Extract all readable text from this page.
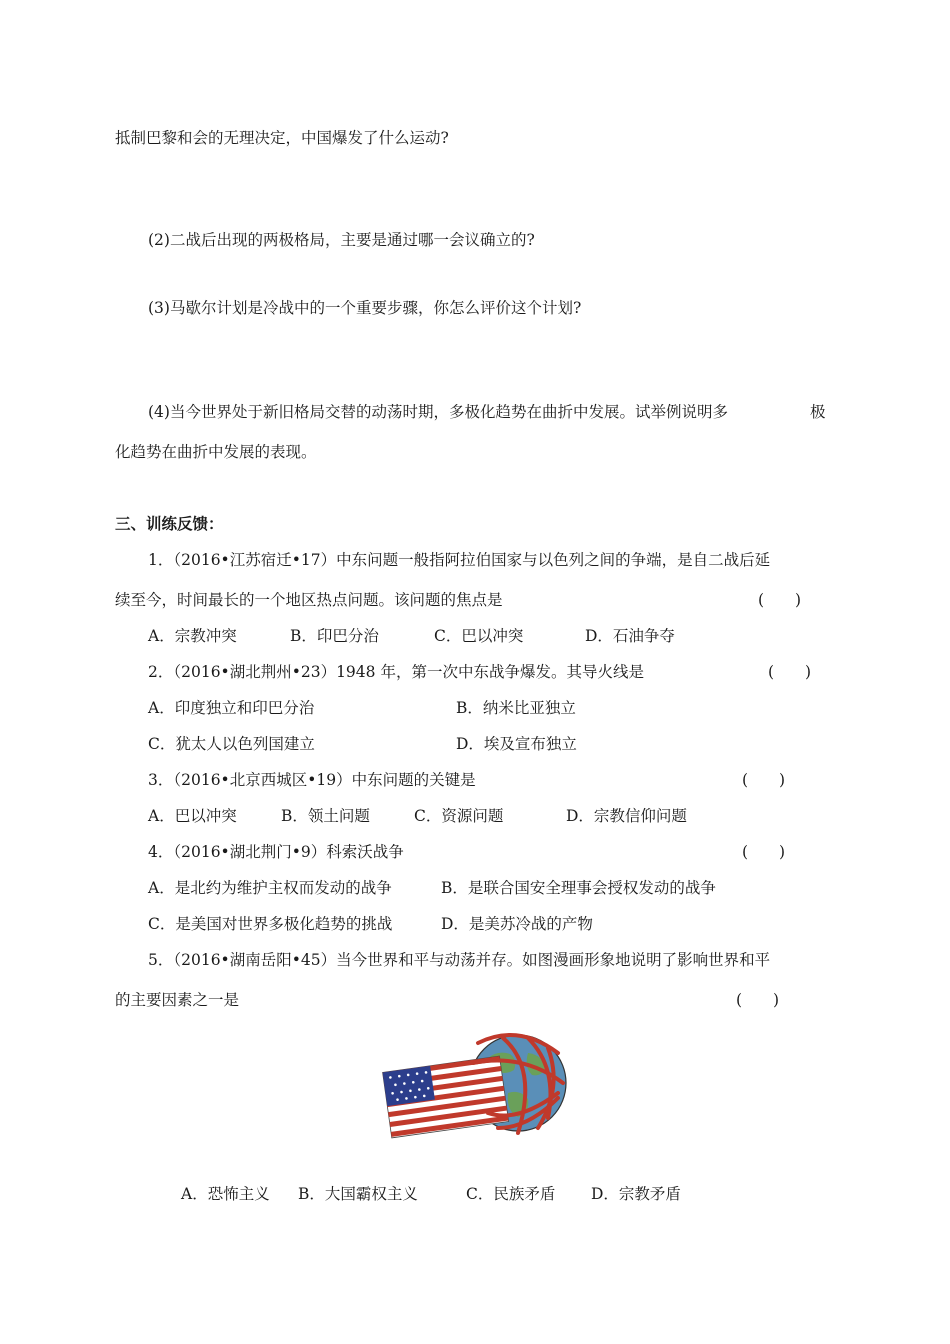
抵制巴黎和会的无理决定，中国爆发了什么运动?
(2)二战后出现的两极格局，主要是通过哪一会议确立的?
(3)马歇尔计划是冷战中的一个重要步骤，你怎么评价这个计划?
(4)当今世界处于新旧格局交替的动荡时期，多极化趋势在曲折中发展。试举例说明多	极
化趋势在曲折中发展的表现。
三、训练反馈：
1．（2016•江苏宿迁•17）中东问题一般指阿拉伯国家与以色列之间的争端，是自二战后延
续至今，时间最长的一个地区热点问题。该问题的焦点是	(　　)
A．宗教冲突	B．印巴分治	C．巴以冲突	D．石油争夺
2．（2016•湖北荆州•23）1948 年，第一次中东战争爆发。其导火线是	(　　)
A．印度独立和印巴分治	B．纳米比亚独立
C．犹太人以色列国建立	D．埃及宣布独立
3．（2016•北京西城区•19）中东问题的关键是	(　　)
A．巴以冲突	B．领土问题	C．资源问题	D．宗教信仰问题
4．（2016•湖北荆门•9）科索沃战争	(　　)
A．是北约为维护主权而发动的战争	B．是联合国安全理事会授权发动的战争
C．是美国对世界多极化趋势的挑战	D．是美苏冷战的产物
5．（2016•湖南岳阳•45）当今世界和平与动荡并存。如图漫画形象地说明了影响世界和平
的主要因素之一是	(　　)
A．恐怖主义 B．大国霸权主义	C．民族矛盾 D．宗教矛盾
